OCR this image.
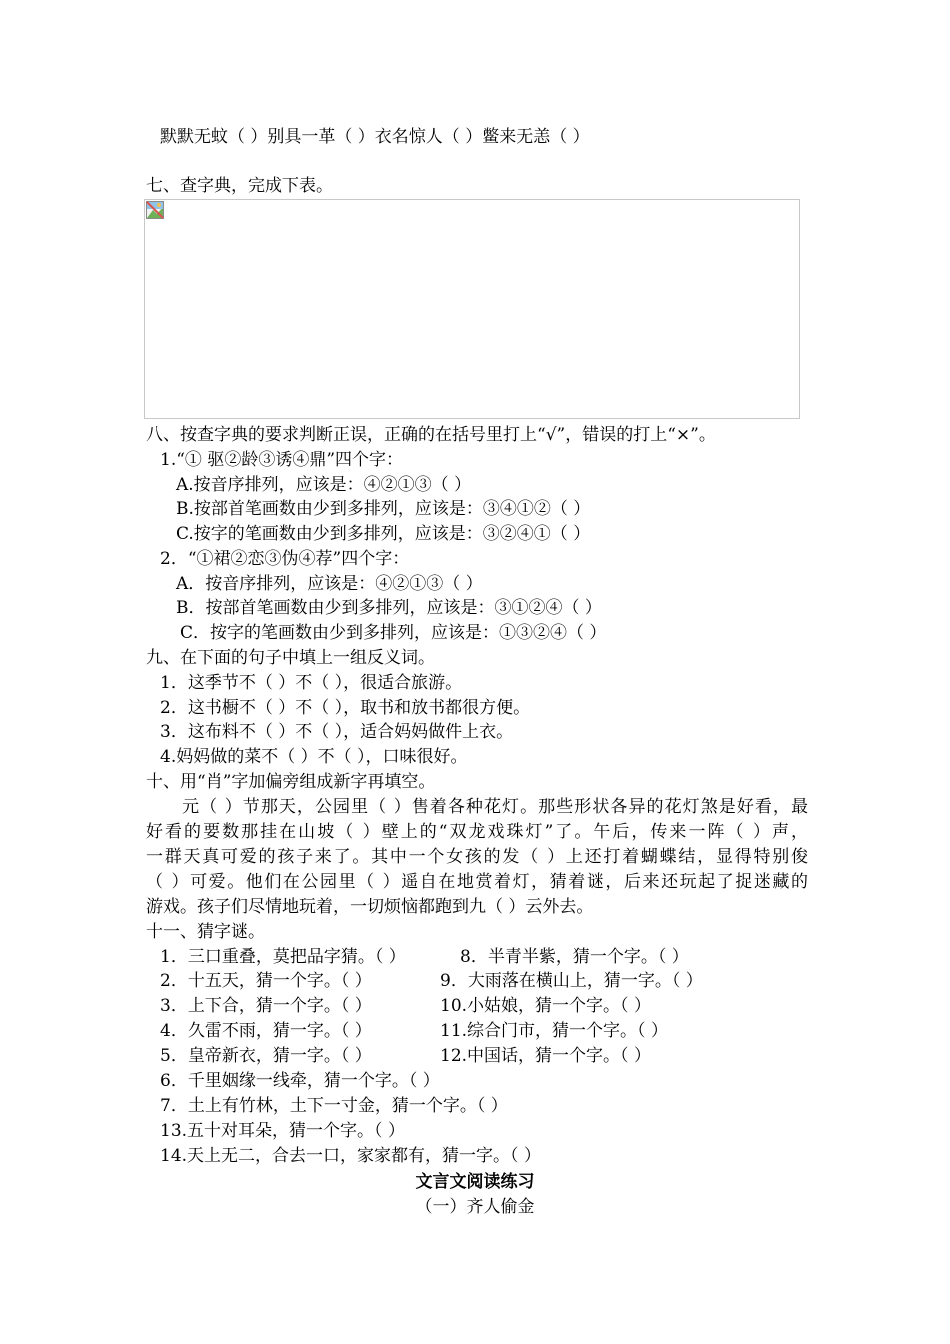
默默无蚊（ ）别具一革（ ）衣名惊人（ ）鳖来无恙（ ）
七、查字典，完成下表。
八、按查字典的要求判断正误，正确的在括号里打上“√”，错误的打上“×”。
1.“① 驱②龄③诱④鼎”四个字：
A.按音序排列，应该是：④②①③（ ）
B.按部首笔画数由少到多排列，应该是：③④①②（ ）
C.按字的笔画数由少到多排列，应该是：③②④①（ ）
2．“①裙②恋③伪④荐”四个字：
A．按音序排列，应该是：④②①③（ ）
B．按部首笔画数由少到多排列，应该是：③①②④（ ）
C．按字的笔画数由少到多排列，应该是：①③②④（ ）
九、在下面的句子中填上一组反义词。
1．这季节不（ ）不（ ），很适合旅游。
2．这书橱不（ ）不（ ），取书和放书都很方便。
3．这布料不（ ）不（ ），适合妈妈做件上衣。
4.妈妈做的菜不（ ）不（ ），口味很好。
十、用“肖”字加偏旁组成新字再填空。
　　元（ ）节那天，公园里（ ）售着各种花灯。那些形状各异的花灯煞是好看，最
好看的要数那挂在山坡（ ）壁上的“双龙戏珠灯”了。午后，传来一阵（ ）声，
一群天真可爱的孩子来了。其中一个女孩的发（ ）上还打着蝴蝶结，显得特别俊
（ ）可爱。他们在公园里（ ）遥自在地赏着灯，猜着谜，后来还玩起了捉迷藏的
游戏。孩子们尽情地玩着，一切烦恼都跑到九（ ）云外去。
十一、猜字谜。
1．三口重叠，莫把品字猜。（ ）	8．半青半紫，猜一个字。（ ）
2．十五天，猜一个字。（ ）	9．大雨落在横山上，猜一字。（ ）
3．上下合，猜一个字。（ ）	10.小姑娘，猜一个字。（ ）
4．久雷不雨，猜一字。（ ）	11.综合门市，猜一个字。（ ）
5．皇帝新衣，猜一字。（ ）	12.中国话，猜一个字。（ ）
6．千里姻缘一线牵，猜一个字。（ ）
7．土上有竹林，土下一寸金，猜一个字。（ ）
13.五十对耳朵，猜一个字。（ ）
14.天上无二，合去一口，家家都有，猜一字。（ ）
文言文阅读练习
（一）齐人偷金
